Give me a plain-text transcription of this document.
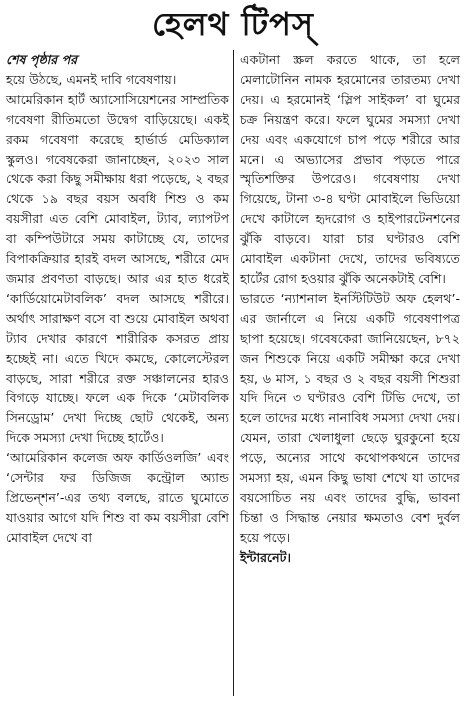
হেলথ টিপস্

শেষ পৃষ্ঠার পর

হয়ে উঠছে, এমনই দাবি গবেষণায়।

আমেরিকান হার্ট অ্যাসোসিয়েশনের সাম্প্রতিক গবেষণা রীতিমতো উদ্বেগ বাড়িয়েছে। একই রকম গবেষণা করেছে হার্ভার্ড মেডিক্যাল স্কুলও। গবেষকেরা জানাচ্ছেন, ২০২৩ সাল থেকে করা কিছু সমীক্ষায় ধরা পড়েছে, ২ বছর থেকে ১৯ বছর বয়স অবধি শিশু ও কম বয়সীরা এত বেশি মোবাইল, ট্যাব, ল্যাপটপ বা কম্পিউটারে সময় কাটাচ্ছে যে, তাদের বিপাকক্রিয়ার হারই বদল আসছে, শরীরে মেদ জমার প্রবণতা বাড়ছে। আর এর হাত ধরেই ‘কার্ডিয়োমেটাবলিক’ বদল আসছে শরীরে। অর্থাৎ সারাক্ষণ বসে বা শুয়ে মোবাইল অথবা ট্যাব দেখার কারণে শারীরিক কসরত প্রায় হচ্ছেই না। এতে খিদে কমছে, কোলেস্টেরল বাড়ছে, সারা শরীরে রক্ত সঞ্চালনের হারও বিগড়ে যাচ্ছে। ফলে এক দিকে ‘মেটাবলিক সিনড্রোম’ দেখা দিচ্ছে ছোট থেকেই, অন্য দিকে সমস্যা দেখা দিচ্ছে হার্টেও।

‘আমেরিকান কলেজ অফ কার্ডিওলজি’ এবং ‘সেন্টার ফর ডিজিজ কন্ট্রোল অ্যান্ড প্রিভেন্শন’-এর তথ্য বলছে, রাতে ঘুমোতে যাওয়ার আগে যদি শিশু বা কম বয়সীরা বেশি মোবাইল দেখে বা

একটানা স্ক্রল করতে থাকে, তা হলে মেলাটোনিন নামক হরমোনের তারতম্য দেখা দেয়। এ হরমোনই ‘স্লিপ সাইকল’ বা ঘুমের চক্র নিয়ন্ত্রণ করে। ফলে ঘুমের সমস্যা দেখা দেয় এবং একযোগে চাপ পড়ে শরীরে আর মনে। এ অভ্যাসের প্রভাব পড়তে পারে স্মৃতিশক্তির উপরেও। গবেষণায় দেখা গিয়েছে, টানা ৩-৪ ঘণ্টা মোবাইলে ভিডিয়ো দেখে কাটালে হৃদরোগ ও হাইপারটেনশনের ঝুঁকি বাড়বে। যারা চার ঘণ্টারও বেশি মোবাইল একটানা দেখে, তাদের ভবিষ্যতে হার্টের রোগ হওয়ার ঝুঁকি অনেকটাই বেশি।

ভারতে ‘ন্যাশনাল ইনস্টিটিউট অফ হেলথ’-এর জার্নালে এ নিয়ে একটি গবেষণাপত্র ছাপা হয়েছে। গবেষকেরা জানিয়েছেন, ৮৭২ জন শিশুকে নিয়ে একটি সমীক্ষা করে দেখা হয়, ৬ মাস, ১ বছর ও ২ বছর বয়সী শিশুরা যদি দিনে ৩ ঘণ্টারও বেশি টিভি দেখে, তা হলে তাদের মধ্যে নানাবিধ সমস্যা দেখা দেয়। যেমন, তারা খেলাধুলা ছেড়ে ঘুরকুনো হয়ে পড়ে, অন্যের সাথে কথোপকথনে তাদের সমস্যা হয়, এমন কিছু ভাষা শেখে যা তাদের বয়সোচিত নয় এবং তাদের বুদ্ধি, ভাবনা চিন্তা ও সিদ্ধান্ত নেয়ার ক্ষমতাও বেশ দুর্বল হয়ে পড়ে।

ইন্টারনেট।
